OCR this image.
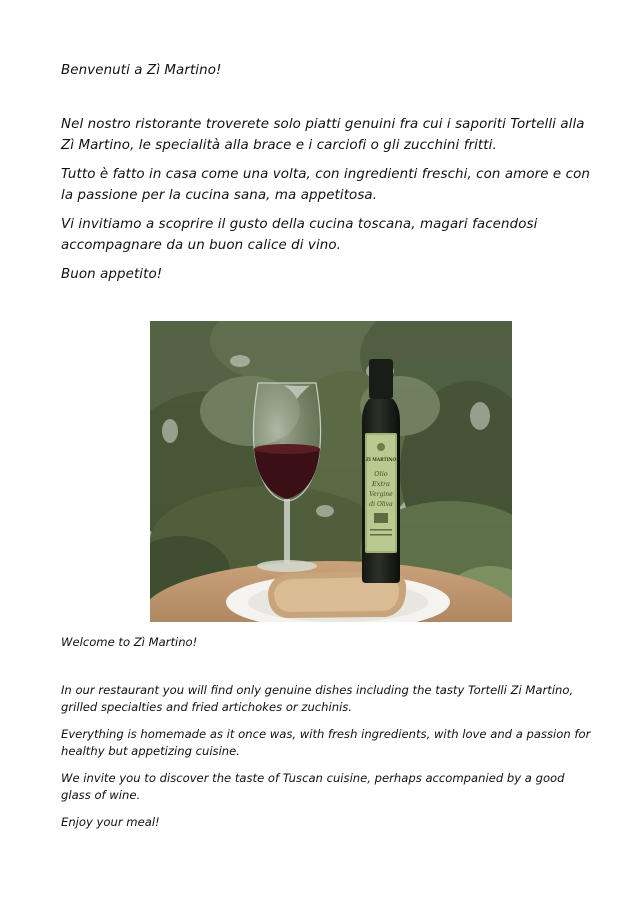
Benvenuti a Zì Martino!

Nel nostro ristorante troverete solo piatti genuini fra cui i saporiti Tortelli alla Zì Martino, le specialità alla brace e i carciofi o gli zucchini fritti.

Tutto è fatto in casa come una volta, con ingredienti freschi, con amore e con la passione per la cucina sana, ma appetitosa.

Vi invitiamo a scoprire il gusto della cucina toscana, magari facendosi accompagnare da un buon calice di vino.

Buon appetito!

ZI MARTINO
Olio
Extra
Vergine
di Oliva

Welcome to Zì Martino!

In our restaurant you will find only genuine dishes including the tasty Tortelli Zi Martino, grilled specialties and fried artichokes or zuchinis.

Everything is homemade as it once was, with fresh ingredients, with love and a passion for healthy but appetizing cuisine.

We invite you to discover the taste of Tuscan cuisine, perhaps accompanied by a good glass of wine.

Enjoy your meal!
